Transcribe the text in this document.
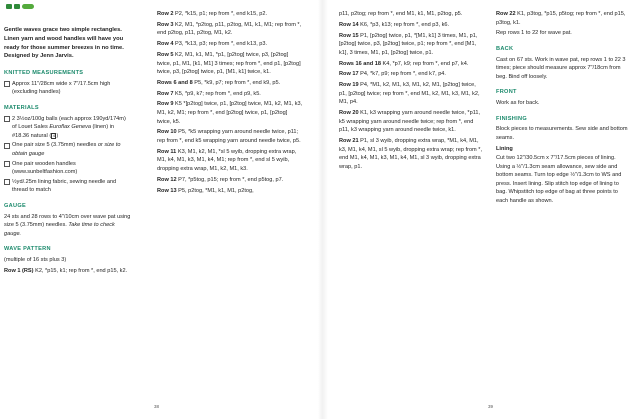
Gentle waves grace two simple rectangles. Linen yarn and wood handles will have you ready for those summer breezes in no time. Designed by Jenn Jarvis.

KNITTED MEASUREMENTS
Approx 11"/28cm wide x 7"/17.5cm high (excluding handles)
MATERIALS
2 3½oz/100g balls (each approx 190yd/174m) of Louet Sales Euroflax Geneva (linen) in #18.36 natural ( 4 )
One pair size 5 (3.75mm) needles or size to obtain gauge
One pair wooden handles (www.sunbeltfashion.com)
½yd/.25m lining fabric, sewing needle and thread to match
GAUGE

24 sts and 28 rows to 4"/10cm over wave pat using size 5 (3.75mm) needles. Take time to check gauge.

WAVE PATTERN

(multiple of 16 sts plus 3)

Row 1 (RS) K2, *p15, k1; rep from *, end p15, k2.

Row 2 P2, *k15, p1; rep from *, end k15, p2.

Row 3 K2, M1, *p2tog, p11, p2tog, M1, k1, M1; rep from *, end p2tog, p11, p2tog, M1, k2.

Row 4 P3, *k13, p3; rep from *, end k13, p3.

Row 5 K2, M1, k1, M1, *p1, [p2tog] twice, p3, [p2tog] twice, p1, M1, [k1, M1] 3 times; rep from *, end p1, [p2tog] twice, p3, [p2tog] twice, p1, [M1, k1] twice, k1.

Rows 6 and 8 P5, *k9, p7; rep from *, end k9, p5.

Row 7 K5, *p9, k7; rep from *, end p9, k5.

Row 9 K5 *[p2tog] twice, p1, [p2tog] twice, M1, k2, M1, k3, M1, k2, M1; rep from *, end [p2tog] twice, p1, [p2tog] twice, k5.

Row 10 P5, *k5 wrapping yarn around needle twice, p11; rep from *, end k5 wrapping yarn around needle twice, p5.

Row 11 K3, M1, k2, M1, *sl 5 wyib, dropping extra wrap, M1, k4, M1, k3, M1, k4, M1; rep from *, end sl 5 wyib, dropping extra wrap, M1, k2, M1, k3.

Row 12 P7, *p5tog, p15; rep from *, end p5tog, p7.

Row 13 P5, p2tog, *M1, k1, M1, p2tog,

p11, p2tog; rep from *, end M1, k1, M1, p2tog, p5.

Row 14 K6, *p3, k13; rep from *, end p3, k6.

Row 15 P1, [p2tog] twice, p1, *[M1, k1] 3 times, M1, p1, [p2tog] twice, p3, [p2tog] twice, p1; rep from *, end [M1, k1], 3 times, M1, p1, [p2tog] twice, p1.

Rows 16 and 18 K4, *p7, k9; rep from *, end p7, k4.

Row 17 P4, *k7, p9; rep from *, end k7, p4.

Row 19 P4, *M1, k2, M1, k3, M1, k2, M1, [p2tog] twice, p1, [p2tog] twice; rep from *, end M1, k2, M1, k3, M1, k2, M1, p4.

Row 20 K1, k3 wrapping yarn around needle twice, *p11, k5 wrapping yarn around needle twice; rep from *, end p11, k3 wrapping yarn around needle twice, k1.

Row 21 P1, sl 3 wyib, dropping extra wrap, *M1, k4, M1, k3, M1, k4, M1, sl 5 wyib, dropping extra wrap; rep from *, end M1, k4, M1, k3, M1, k4, M1, sl 3 wyib, dropping extra wrap, p1.

Row 22 K1, p3tog, *p15, p5tog; rep from *, end p15, p3tog, k1.

Rep rows 1 to 22 for wave pat.

BACK

Cast on 67 sts. Work in wave pat, rep rows 1 to 22 3 times; piece should measure approx 7"/18cm from beg. Bind off loosely.

FRONT

Work as for back.

FINISHING

Block pieces to measurements. Sew side and bottom seams.

Lining

Cut two 12"/30.5cm x 7"/17.5cm pieces of lining. Using a ½"/1.3cm seam allowance, sew side and bottom seams. Turn top edge ½"/1.3cm to WS and press. Insert lining. Slip stitch top edge of lining to bag. Whipstitch top edge of bag at three points to each handle as shown.

38	39
